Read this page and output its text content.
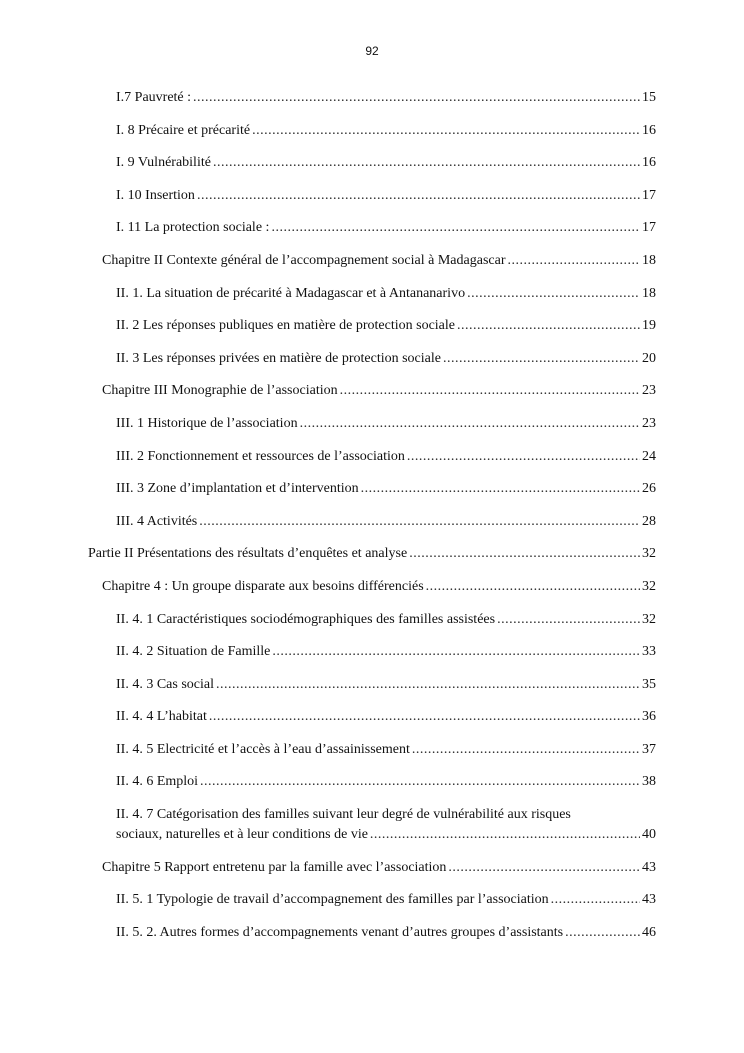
92
I.7 Pauvreté : .....	15
I. 8 Précaire et précarité .....	16
I. 9 Vulnérabilité .....	16
I. 10 Insertion .....	17
I. 11 La protection sociale : .....	17
Chapitre II Contexte général de l’accompagnement social à Madagascar .....	18
II. 1. La situation de précarité à Madagascar et à Antananarivo .....	18
II. 2 Les réponses publiques en matière de protection sociale .....	19
II. 3 Les réponses privées en matière de protection sociale .....	20
Chapitre III Monographie de l’association .....	23
III. 1 Historique de l’association .....	23
III. 2 Fonctionnement et ressources de l’association .....	24
III. 3 Zone d’implantation et d’intervention .....	26
III. 4 Activités .....	28
Partie II Présentations des résultats d’enquêtes et analyse .....	32
Chapitre 4 : Un groupe disparate aux besoins différenciés .....	32
II. 4. 1 Caractéristiques sociodémographiques des familles assistées .....	32
II. 4. 2 Situation de Famille .....	33
II. 4. 3 Cas social .....	35
II. 4. 4 L’habitat .....	36
II. 4. 5 Electricité et l’accès à l’eau d’assainissement .....	37
II. 4. 6 Emploi .....	38
II. 4. 7 Catégorisation des familles suivant leur degré de vulnérabilité aux risques
sociaux, naturelles et à leur conditions de vie .....	40
Chapitre 5 Rapport entretenu par la famille avec l’association .....	43
II. 5. 1 Typologie de travail d’accompagnement des familles par l’association .....	43
II. 5. 2. Autres formes d’accompagnements venant d’autres groupes d’assistants .....	46
